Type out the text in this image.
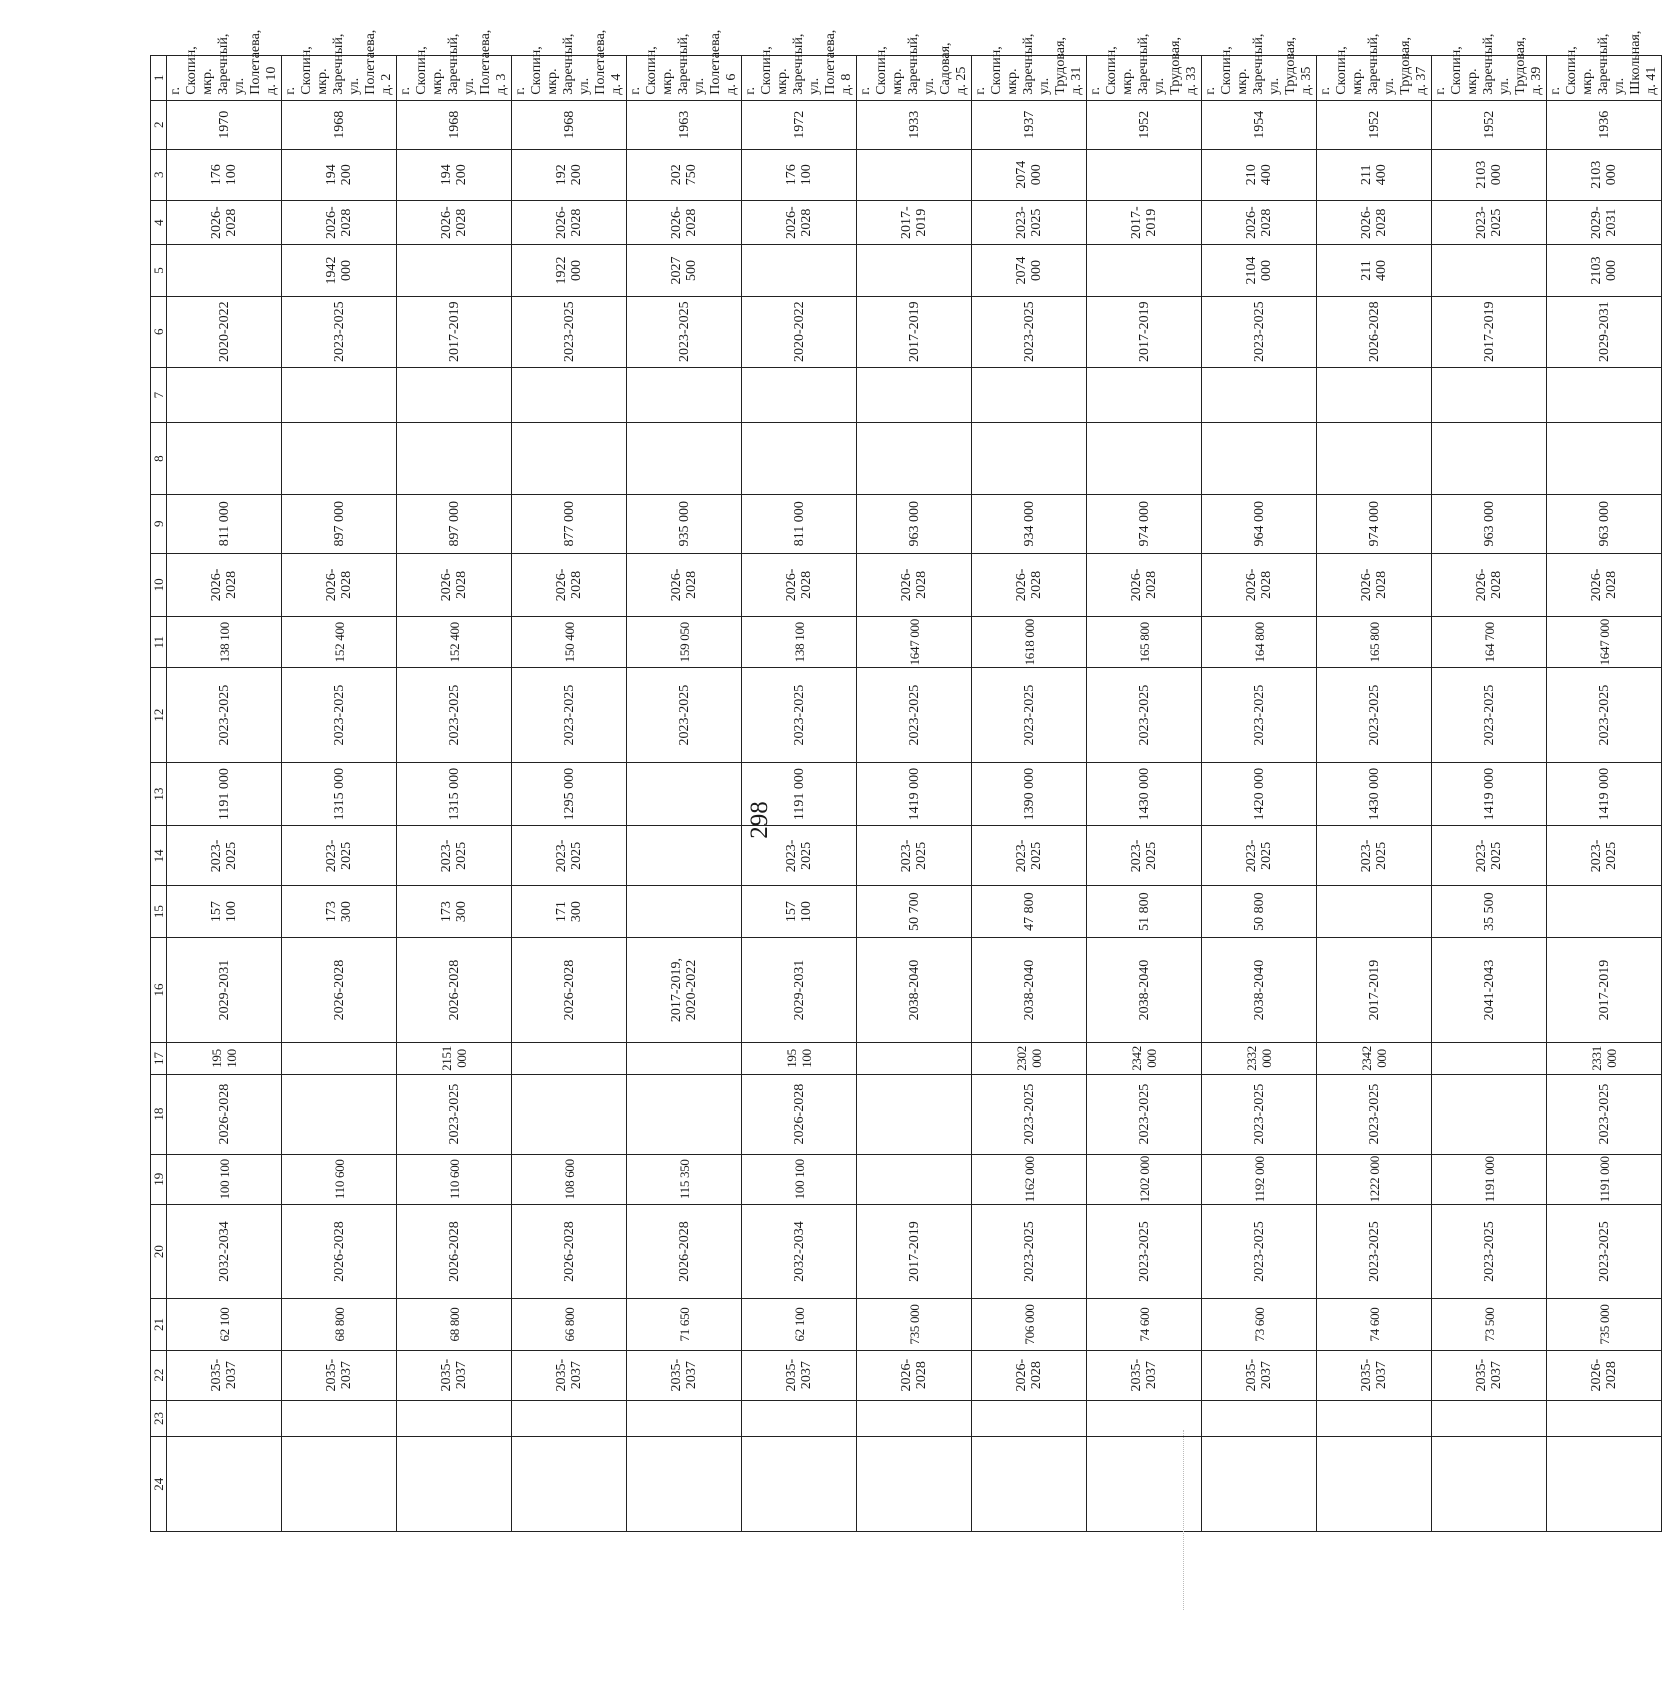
298
24	23	22	21	20	19	18	17	16	15	14	13	12	11	10	9	8	7	6	5	4	3	2	1
		2035-2037	62 100	2032-2034	100 100	2026-2028	195 100	2029-2031	157 100	2023-2025	1191 000	2023-2025	138 100	2026-2028	811 000			2020-2022		2026-2028	176 100	1970	г. Скопин, мкр. Заречный, ул. Полетаева, д. 10
		2035-2037	68 800	2026-2028	110 600			2026-2028	173 300	2023-2025	1315 000	2023-2025	152 400	2026-2028	897 000			2023-2025	1942 000	2026-2028	194 200	1968	г. Скопин, мкр. Заречный, ул. Полетаева, д. 2
		2035-2037	68 800	2026-2028	110 600	2023-2025	2151 000	2026-2028	173 300	2023-2025	1315 000	2023-2025	152 400	2026-2028	897 000			2017-2019		2026-2028	194 200	1968	г. Скопин, мкр. Заречный, ул. Полетаева, д. 3
		2035-2037	66 800	2026-2028	108 600			2026-2028	171 300	2023-2025	1295 000	2023-2025	150 400	2026-2028	877 000			2023-2025	1922 000	2026-2028	192 200	1968	г. Скопин, мкр. Заречный, ул. Полетаева, д. 4
		2035-2037	71 650	2026-2028	115 350			2017-2019, 2020-2022				2023-2025	159 050	2026-2028	935 000			2023-2025	2027 500	2026-2028	202 750	1963	г. Скопин, мкр. Заречный, ул. Полетаева, д. 6
		2035-2037	62 100	2032-2034	100 100	2026-2028	195 100	2029-2031	157 100	2023-2025	1191 000	2023-2025	138 100	2026-2028	811 000			2020-2022		2026-2028	176 100	1972	г. Скопин, мкр. Заречный, ул. Полетаева, д. 8
		2026-2028	735 000	2017-2019				2038-2040	50 700	2023-2025	1419 000	2023-2025	1647 000	2026-2028	963 000			2017-2019		2017-2019		1933	г. Скопин, мкр. Заречный, ул. Садовая, д. 25
		2026-2028	706 000	2023-2025	1162 000	2023-2025	2302 000	2038-2040	47 800	2023-2025	1390 000	2023-2025	1618 000	2026-2028	934 000			2023-2025	2074 000	2023-2025	2074 000	1937	г. Скопин, мкр. Заречный, ул. Трудовая, д. 31
		2035-2037	74 600	2023-2025	1202 000	2023-2025	2342 000	2038-2040	51 800	2023-2025	1430 000	2023-2025	165 800	2026-2028	974 000			2017-2019		2017-2019		1952	г. Скопин, мкр. Заречный, ул. Трудовая, д. 33
		2035-2037	73 600	2023-2025	1192 000	2023-2025	2332 000	2038-2040	50 800	2023-2025	1420 000	2023-2025	164 800	2026-2028	964 000			2023-2025	2104 000	2026-2028	210 400	1954	г. Скопин, мкр. Заречный, ул. Трудовая, д. 35
		2035-2037	74 600	2023-2025	1222 000	2023-2025	2342 000	2017-2019		2023-2025	1430 000	2023-2025	165 800	2026-2028	974 000			2026-2028	211 400	2026-2028	211 400	1952	г. Скопин, мкр. Заречный, ул. Трудовая, д. 37
		2035-2037	73 500	2023-2025	1191 000			2041-2043	35 500	2023-2025	1419 000	2023-2025	164 700	2026-2028	963 000			2017-2019		2023-2025	2103 000	1952	г. Скопин, мкр. Заречный, ул. Трудовая, д. 39
		2026-2028	735 000	2023-2025	1191 000	2023-2025	2331 000	2017-2019		2023-2025	1419 000	2023-2025	1647 000	2026-2028	963 000			2029-2031	2103 000	2029-2031	2103 000	1936	г. Скопин, мкр. Заречный, ул. Школьная, д. 41
